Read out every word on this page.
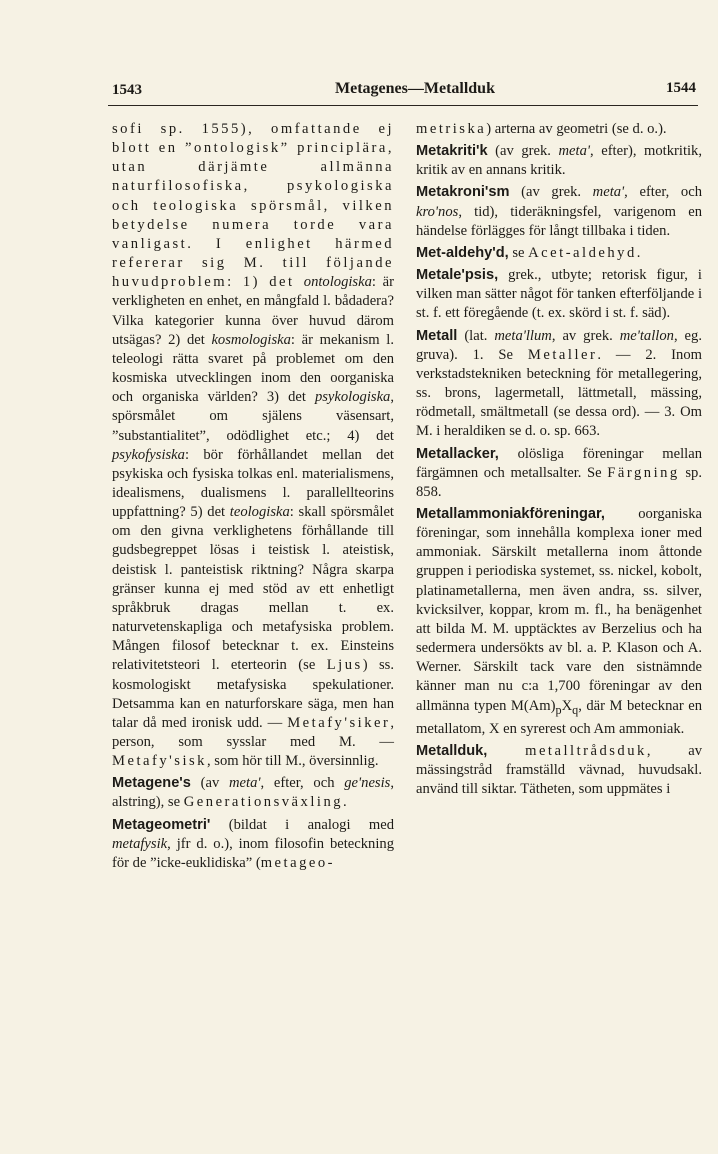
1543	Metagenes—Metallduk	1544

sofi sp. 1555), omfattande ej blott en ”ontologisk” principlära, utan därjämte allmänna naturfilosofiska, psykologiska och teologiska spörsmål, vilken betydelse numera torde vara vanligast. I enlighet härmed refererar sig M. till följande huvudproblem: 1) det ontologiska: är verkligheten en enhet, en mångfald l. bådadera? Vilka kategorier kunna över huvud därom utsägas? 2) det kosmologiska: är mekanism l. teleologi rätta svaret på problemet om den kosmiska utvecklingen inom den oorganiska och organiska världen? 3) det psykologiska, spörsmålet om själens väsensart, ”substantialitet”, odödlighet etc.; 4) det psykofysiska: bör förhållandet mellan det psykiska och fysiska tolkas enl. materialismens, idealismens, dualismens l. parallellteorins uppfattning? 5) det teologiska: skall spörsmålet om den givna verklighetens förhållande till gudsbegreppet lösas i teistisk l. ateistisk, deistisk l. panteistisk riktning? Några skarpa gränser kunna ej med stöd av ett enhetligt språkbruk dragas mellan t. ex. naturvetenskapliga och metafysiska problem. Mången filosof betecknar t. ex. Einsteins relativitetsteori l. eterteorin (se Ljus) ss. kosmologiskt metafysiska spekulationer. Detsamma kan en naturforskare säga, men han talar då med ironisk udd. — Metafy'siker, person, som sysslar med M. — Metafy'sisk, som hör till M., översinnlig.

Metagene's (av meta', efter, och ge'nesis, alstring), se Generationsväxling.

Metageometri' (bildat i analogi med metafysik, jfr d. o.), inom filosofin beteckning för de ”icke-euklidiska” (metageo-

metriska) arterna av geometri (se d. o.).

Metakriti'k (av grek. meta', efter), motkritik, kritik av en annans kritik.

Metakroni'sm (av grek. meta', efter, och kro'nos, tid), tideräkningsfel, varigenom en händelse förlägges för långt tillbaka i tiden.

Met-aldehy'd, se Acet-aldehyd.

Metale'psis, grek., utbyte; retorisk figur, i vilken man sätter något för tanken efterföljande i st. f. ett föregående (t. ex. skörd i st. f. säd).

Metall (lat. meta'llum, av grek. me'tallon, eg. gruva). 1. Se Metaller. — 2. Inom verkstadstekniken beteckning för metallegering, ss. brons, lagermetall, lättmetall, mässing, rödmetall, smältmetall (se dessa ord). — 3. Om M. i heraldiken se d. o. sp. 663.

Metallacker, olösliga föreningar mellan färgämnen och metallsalter. Se Färgning sp. 858.

Metallammoniakföreningar, oorganiska föreningar, som innehålla komplexa ioner med ammoniak. Särskilt metallerna inom åttonde gruppen i periodiska systemet, ss. nickel, kobolt, platinametallerna, men även andra, ss. silver, kvicksilver, koppar, krom m. fl., ha benägenhet att bilda M. M. upptäcktes av Berzelius och ha sedermera undersökts av bl. a. P. Klason och A. Werner. Särskilt tack vare den sistnämnde känner man nu c:a 1,700 föreningar av den allmänna typen $M(Am)_pX_q$, där M betecknar en metallatom, X en syrerest och Am ammoniak.

Metallduk,	metalltrådsduk, av mässingstråd framställd vävnad, huvudsakl. använd till siktar. Tätheten, som uppmätes i
